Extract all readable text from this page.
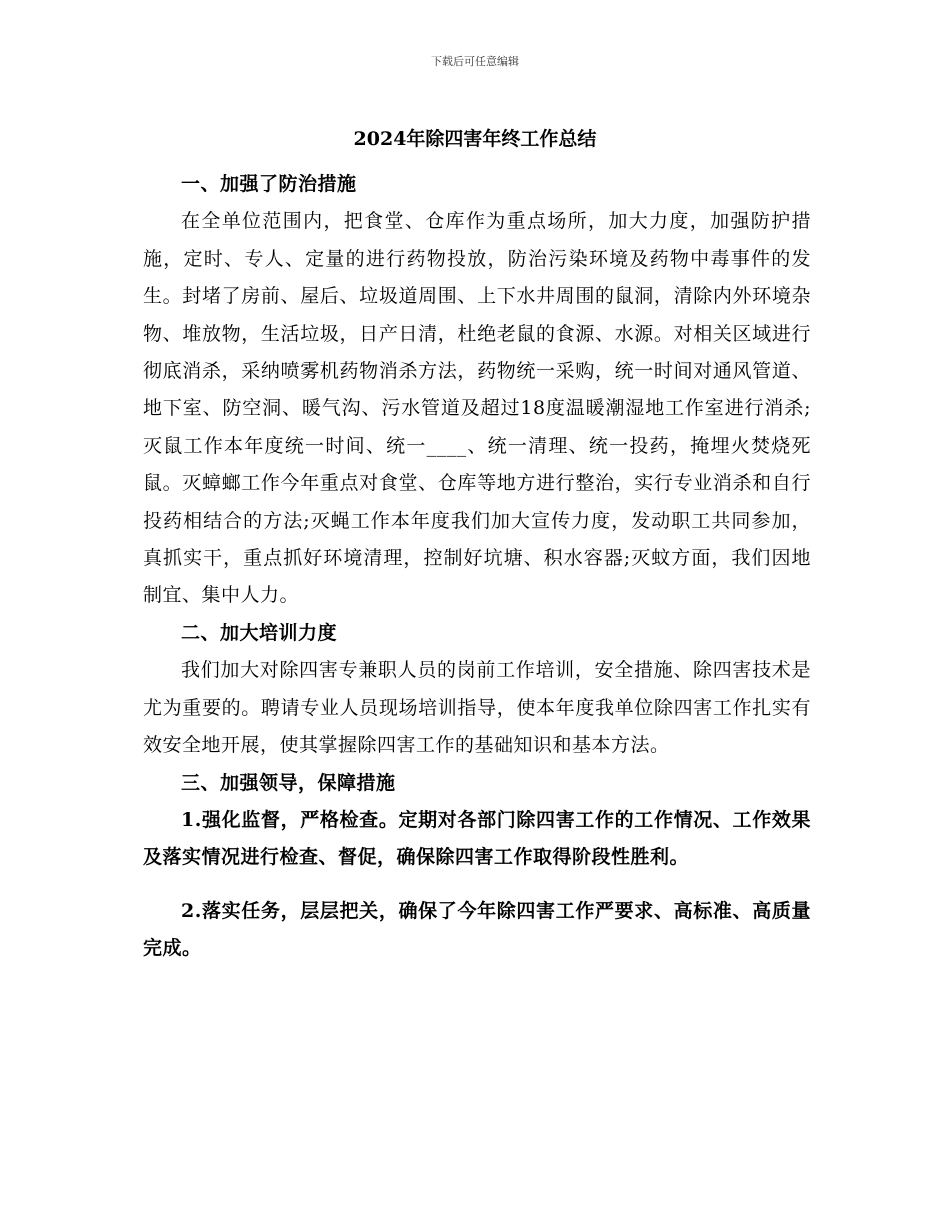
下载后可任意编辑
2024年除四害年终工作总结

一、加强了防治措施

在全单位范围内，把食堂、仓库作为重点场所，加大力度，加强防护措施，定时、专人、定量的进行药物投放，防治污染环境及药物中毒事件的发生。封堵了房前、屋后、垃圾道周围、上下水井周围的鼠洞，清除内外环境杂物、堆放物，生活垃圾，日产日清，杜绝老鼠的食源、水源。对相关区域进行彻底消杀，采纳喷雾机药物消杀方法，药物统一采购，统一时间对通风管道、地下室、防空洞、暖气沟、污水管道及超过18度温暖潮湿地工作室进行消杀;灭鼠工作本年度统一时间、统一____、统一清理、统一投药，掩埋火焚烧死鼠。灭蟑螂工作今年重点对食堂、仓库等地方进行整治，实行专业消杀和自行投药相结合的方法;灭蝇工作本年度我们加大宣传力度，发动职工共同参加，真抓实干，重点抓好环境清理，控制好坑塘、积水容器;灭蚊方面，我们因地制宜、集中人力。

二、加大培训力度

我们加大对除四害专兼职人员的岗前工作培训，安全措施、除四害技术是尤为重要的。聘请专业人员现场培训指导，使本年度我单位除四害工作扎实有效安全地开展，使其掌握除四害工作的基础知识和基本方法。

三、加强领导，保障措施

1.强化监督，严格检查。定期对各部门除四害工作的工作情况、工作效果及落实情况进行检查、督促，确保除四害工作取得阶段性胜利。

2.落实任务，层层把关，确保了今年除四害工作严要求、高标准、高质量完成。
